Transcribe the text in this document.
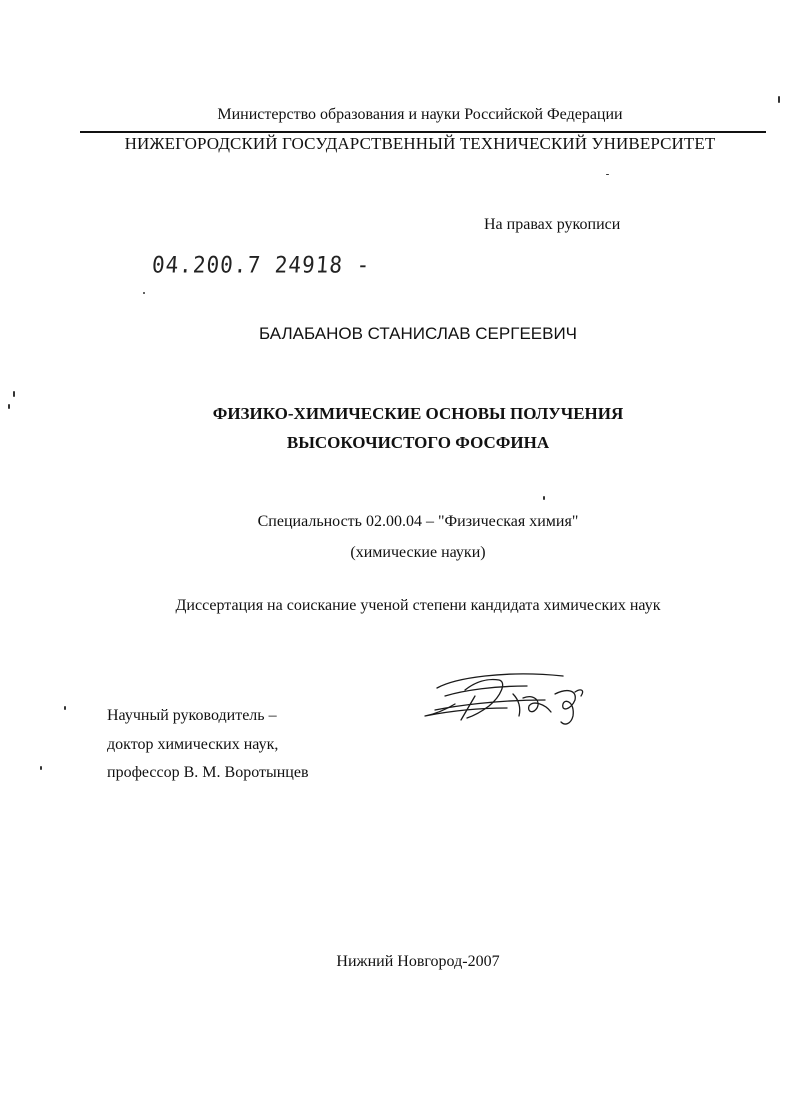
Министерство образования и науки Российской Федерации
НИЖЕГОРОДСКИЙ ГОСУДАРСТВЕННЫЙ ТЕХНИЧЕСКИЙ УНИВЕРСИТЕТ
На правах рукописи
04.200.7 24918 -
БАЛАБАНОВ СТАНИСЛАВ СЕРГЕЕВИЧ
ФИЗИКО-ХИМИЧЕСКИЕ ОСНОВЫ ПОЛУЧЕНИЯ
ВЫСОКОЧИСТОГО ФОСФИНА
Специальность 02.00.04 – "Физическая химия"
(химические науки)
Диссертация на соискание ученой степени кандидата химических наук
Научный руководитель –
доктор химических наук,
профессор В. М. Воротынцев
Нижний Новгород-2007
